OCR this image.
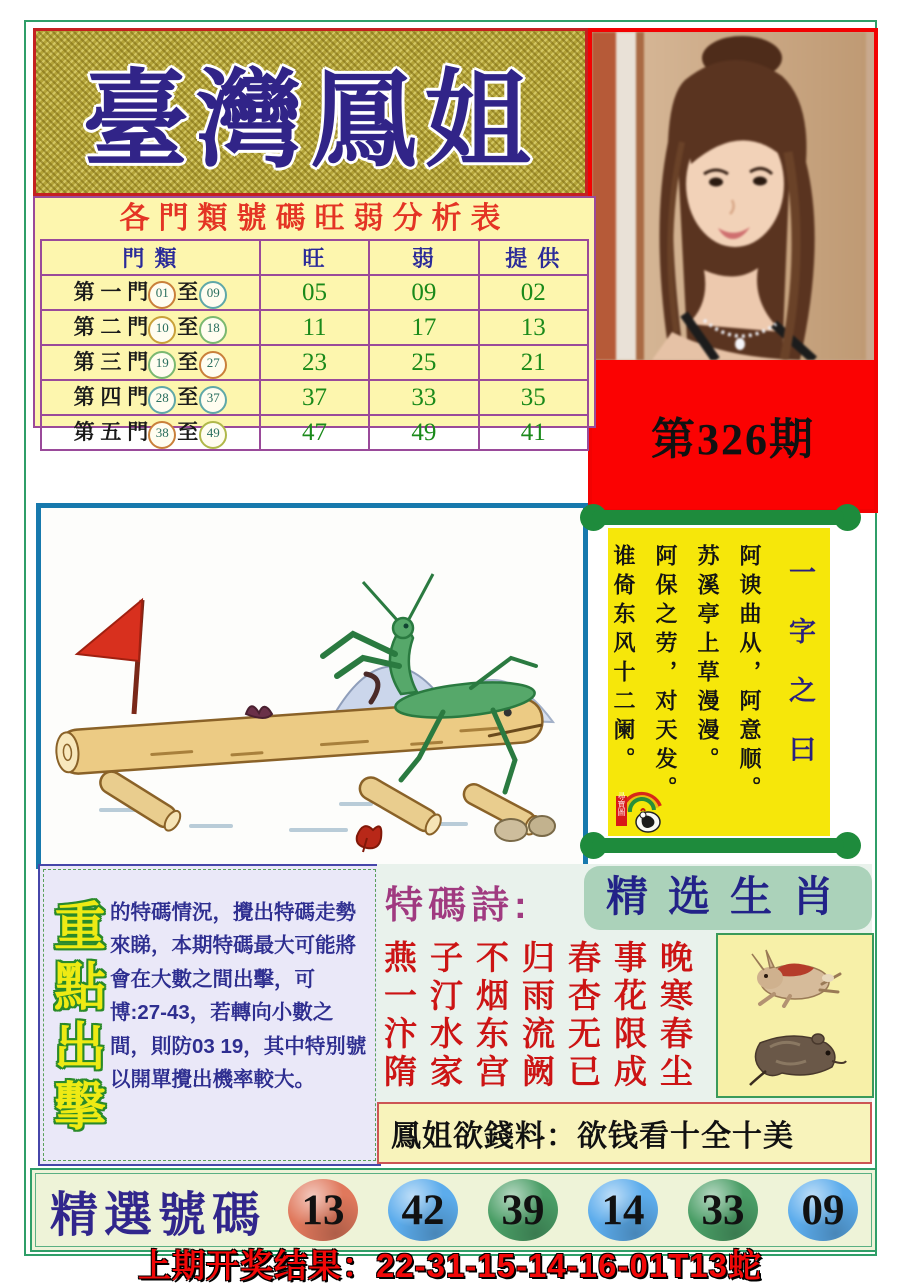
臺灣鳳姐
第326期
各門類號碼旺弱分析表
門 類	旺	弱	提 供
第 一 門 01 至 09	05	09	02
第 二 門 10 至 18	11	17	13
第 三 門 19 至 27	23	25	21
第 四 門 28 至 37	37	33	35
第 五 門 38 至 49	47	49	41
一字之曰
阿谀曲从，阿意顺。
苏溪亭上草漫漫。
阿保之劳，对天发。
谁倚东风十二阑。
尋寶圖
重
點
出
擊
的特碼情況，攪出特碼走勢來睇，本期特碼最大可能將會在大數之間出擊，可博:27-43，若轉向小數之間，則防03 19，其中特別號以開單攪出機率較大。
特碼詩:
燕子不归春事晚
一汀烟雨杏花寒
汴水东流无限春
隋家宫阙已成尘
精选生肖
鳳姐欲錢料：欲钱看十全十美
精選號碼 13 42 39 14 33 09
上期开奖结果：22-31-15-14-16-01T13蛇
